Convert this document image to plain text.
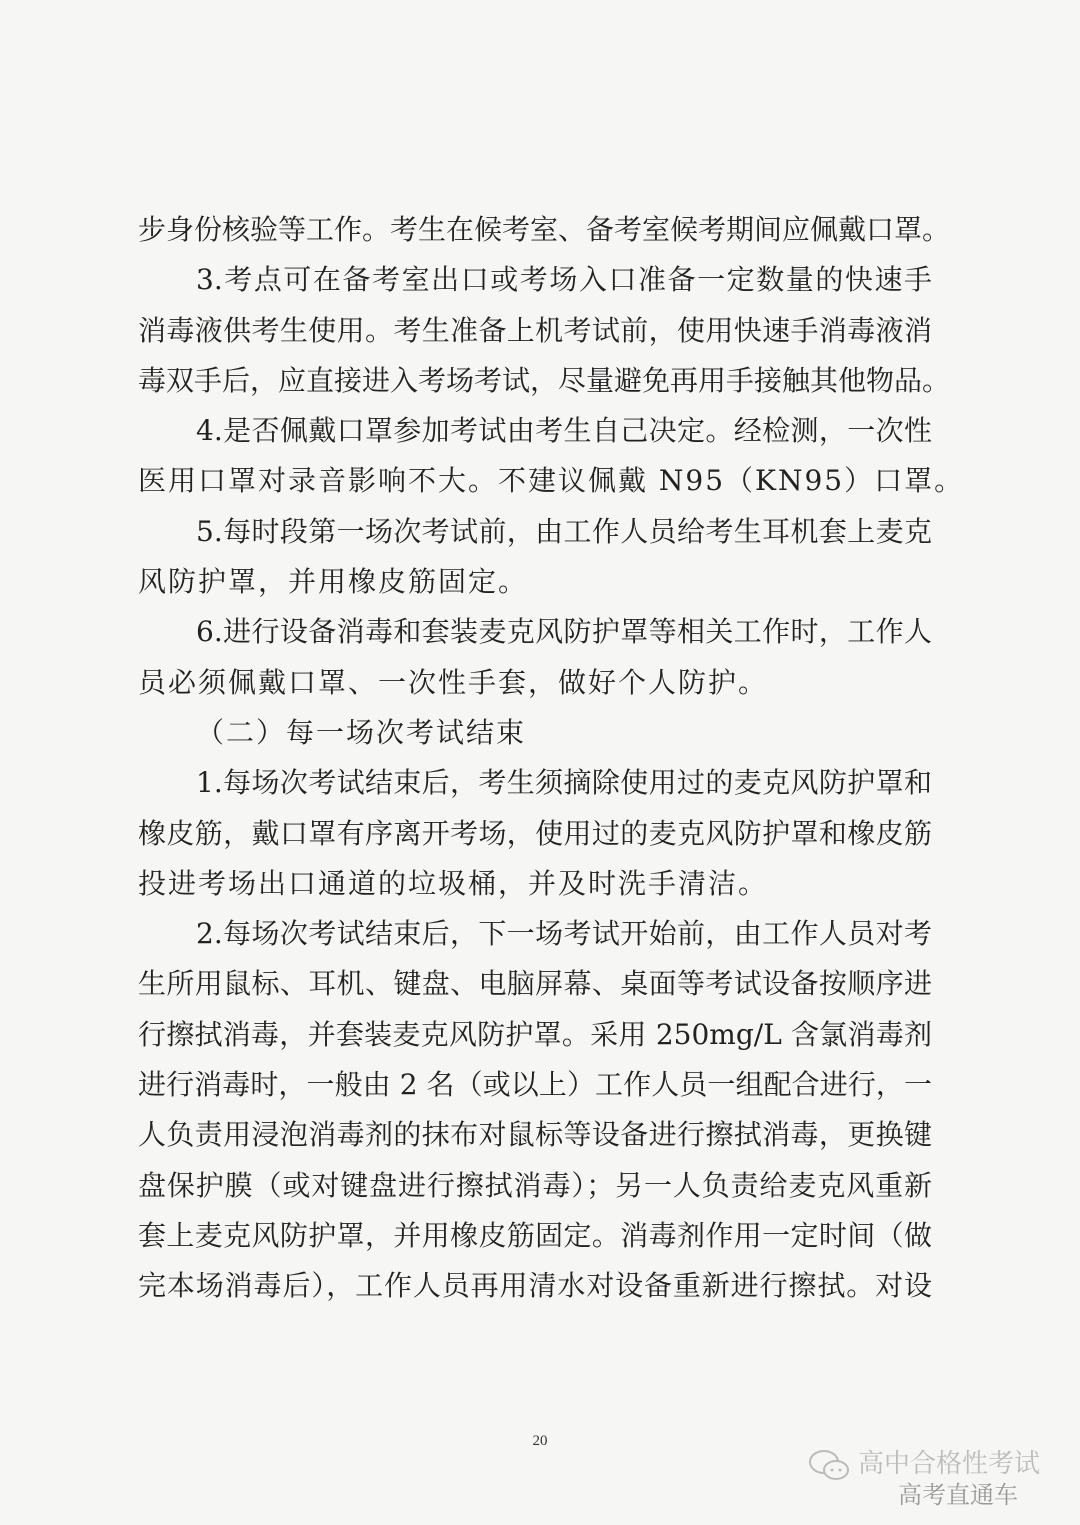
步身份核验等工作。考生在候考室、备考室候考期间应佩戴口罩。
3.考点可在备考室出口或考场入口准备一定数量的快速手
消毒液供考生使用。考生准备上机考试前，使用快速手消毒液消
毒双手后，应直接进入考场考试，尽量避免再用手接触其他物品。
4.是否佩戴口罩参加考试由考生自己决定。经检测，一次性
医用口罩对录音影响不大。不建议佩戴 N95（KN95）口罩。
5.每时段第一场次考试前，由工作人员给考生耳机套上麦克
风防护罩，并用橡皮筋固定。
6.进行设备消毒和套装麦克风防护罩等相关工作时，工作人
员必须佩戴口罩、一次性手套，做好个人防护。
（二）每一场次考试结束
1.每场次考试结束后，考生须摘除使用过的麦克风防护罩和
橡皮筋，戴口罩有序离开考场，使用过的麦克风防护罩和橡皮筋
投进考场出口通道的垃圾桶，并及时洗手清洁。
2.每场次考试结束后，下一场考试开始前，由工作人员对考
生所用鼠标、耳机、键盘、电脑屏幕、桌面等考试设备按顺序进
行擦拭消毒，并套装麦克风防护罩。采用 250mg/L 含氯消毒剂
进行消毒时，一般由 2 名（或以上）工作人员一组配合进行，一
人负责用浸泡消毒剂的抹布对鼠标等设备进行擦拭消毒，更换键
盘保护膜（或对键盘进行擦拭消毒）；另一人负责给麦克风重新
套上麦克风防护罩，并用橡皮筋固定。消毒剂作用一定时间（做
完本场消毒后），工作人员再用清水对设备重新进行擦拭。对设
20
高中合格性考试
高考直通车
